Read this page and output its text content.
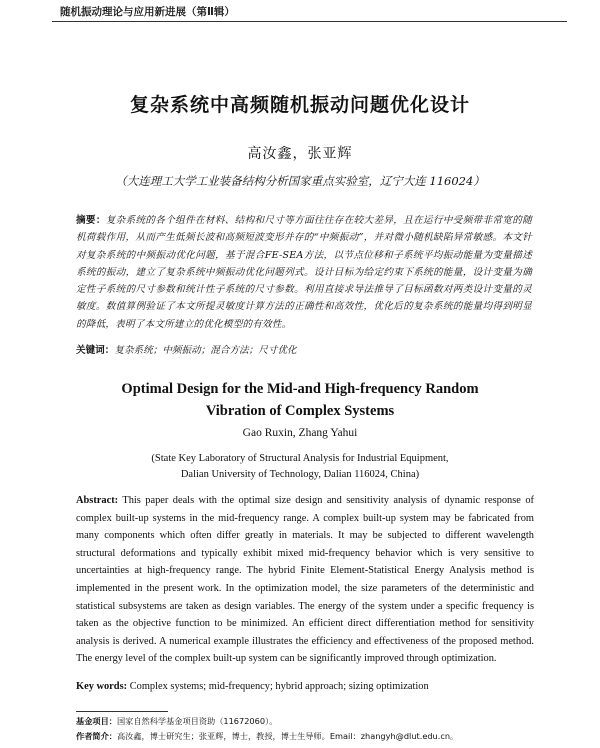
随机振动理论与应用新进展（第Ⅱ辑）
复杂系统中高频随机振动问题优化设计
高汝鑫，张亚辉
（大连理工大学工业装备结构分析国家重点实验室，辽宁大连 116024）
摘要：复杂系统的各个组件在材料、结构和尺寸等方面往往存在较大差异，且在运行中受频带非常宽的随机荷载作用，从而产生低频长波和高频短波变形并存的“中频振动”，并对微小随机缺陷异常敏感。本文针对复杂系统的中频振动优化问题，基于混合FE-SEA方法，以节点位移和子系统平均振动能量为变量描述系统的振动，建立了复杂系统中频振动优化问题列式。设计目标为给定约束下系统的能量，设计变量为确定性子系统的尺寸参数和统计性子系统的尺寸参数。利用直接求导法推导了目标函数对两类设计变量的灵敏度。数值算例验证了本文所提灵敏度计算方法的正确性和高效性，优化后的复杂系统的能量均得到明显的降低，表明了本文所建立的优化模型的有效性。
关键词：复杂系统；中频振动；混合方法；尺寸优化
Optimal Design for the Mid-and High-frequency Random
Vibration of Complex Systems
Gao Ruxin, Zhang Yahui
(State Key Laboratory of Structural Analysis for Industrial Equipment,
Dalian University of Technology, Dalian 116024, China)
Abstract: This paper deals with the optimal size design and sensitivity analysis of dynamic response of complex built-up systems in the mid-frequency range. A complex built-up system may be fabricated from many components which often differ greatly in materials. It may be subjected to different wavelength structural deformations and typically exhibit mixed mid-frequency behavior which is very sensitive to uncertainties at high-frequency range. The hybrid Finite Element-Statistical Energy Analysis method is implemented in the present work. In the optimization model, the size parameters of the deterministic and statistical subsystems are taken as design variables. The energy of the system under a specific frequency is taken as the objective function to be minimized. An efficient direct differentiation method for sensitivity analysis is derived. A numerical example illustrates the efficiency and effectiveness of the proposed method. The energy level of the complex built-up system can be significantly improved through optimization.
Key words: Complex systems; mid-frequency; hybrid approach; sizing optimization
基金项目：国家自然科学基金项目资助（11672060）。
作者简介：高汝鑫，博士研究生；张亚辉，博士，教授，博士生导师。Email：zhangyh@dlut.edu.cn。
